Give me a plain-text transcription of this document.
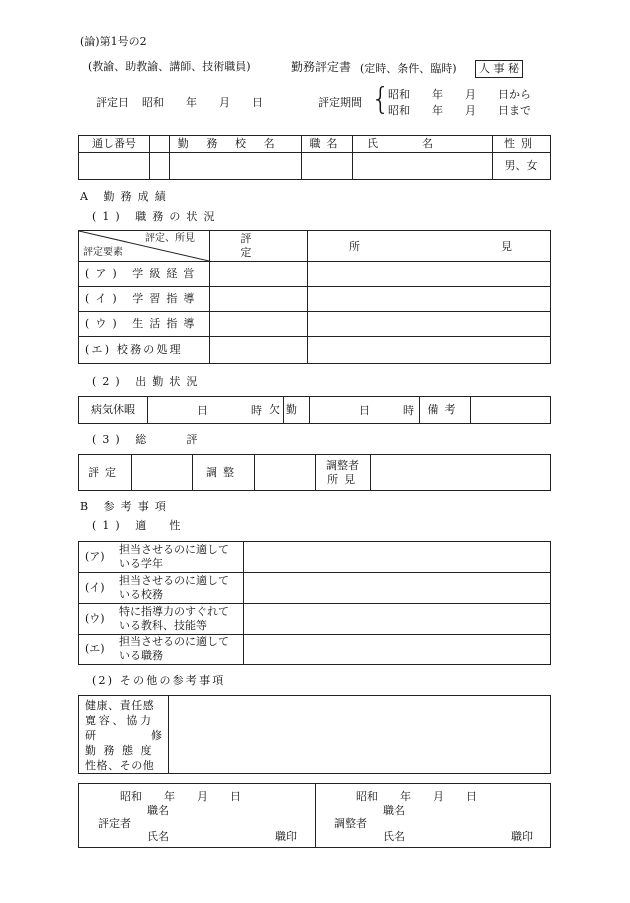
(論)第1号の2
(教諭、助教諭、講師、技術職員)	勤務評定書 (定時、条件、臨時) 人 事 秘
評定日 昭和　　年　　月　　日	評定期間 {
昭和　　年　　月　　日から
昭和　　年　　月　　日まで
通し番号	勤務校名	職名	氏名	性別
男、女
A 勤務成績
(1) 職務の状況
評定、所見
評定要素
評　定	所	見
(ア) 学級経営
(イ) 学習指導
(ウ) 生活指導
(エ) 校務の処理
(2) 出勤状況
病気休暇	日	時 欠勤	日	時	備考
(3) 総　　評
評定	調整
調整者
所見
B 参考事項
(1) 適　性
(ア)
担当させるのに適して
いる学年
(イ)
担当させるのに適して
いる校務
(ウ)
特に指導力のすぐれて
いる教科、技能等
(エ)
担当させるのに適して
いる職務
(2) その他の参考事項
健康、責任感
寛容、協力
研修
勤務態度
性格、その他
昭和　　年　　月　　日
職名
評定者
氏名	職印
昭和　　年　　月　　日
職名
調整者
氏名	職印
